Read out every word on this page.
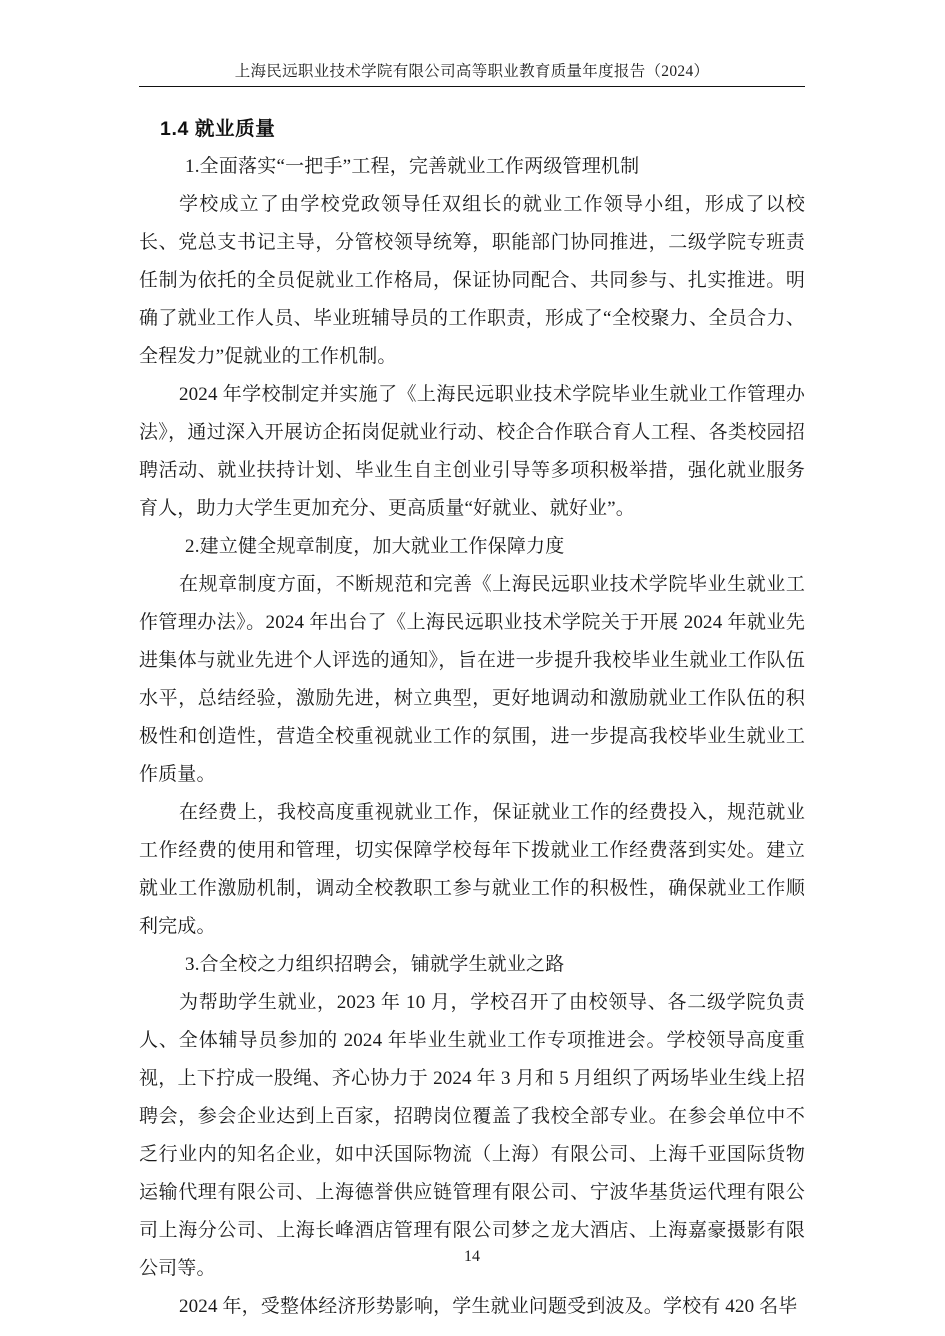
上海民远职业技术学院有限公司高等职业教育质量年度报告（2024）
1.4 就业质量

1.全面落实“一把手”工程，完善就业工作两级管理机制

学校成立了由学校党政领导任双组长的就业工作领导小组，形成了以校长、党总支书记主导，分管校领导统筹，职能部门协同推进，二级学院专班责任制为依托的全员促就业工作格局，保证协同配合、共同参与、扎实推进。明确了就业工作人员、毕业班辅导员的工作职责，形成了“全校聚力、全员合力、全程发力”促就业的工作机制。

2024 年学校制定并实施了《上海民远职业技术学院毕业生就业工作管理办法》，通过深入开展访企拓岗促就业行动、校企合作联合育人工程、各类校园招聘活动、就业扶持计划、毕业生自主创业引导等多项积极举措，强化就业服务育人，助力大学生更加充分、更高质量“好就业、就好业”。

2.建立健全规章制度，加大就业工作保障力度

在规章制度方面，不断规范和完善《上海民远职业技术学院毕业生就业工作管理办法》。2024 年出台了《上海民远职业技术学院关于开展 2024 年就业先进集体与就业先进个人评选的通知》，旨在进一步提升我校毕业生就业工作队伍水平，总结经验，激励先进，树立典型，更好地调动和激励就业工作队伍的积极性和创造性，营造全校重视就业工作的氛围，进一步提高我校毕业生就业工作质量。

在经费上，我校高度重视就业工作，保证就业工作的经费投入，规范就业工作经费的使用和管理，切实保障学校每年下拨就业工作经费落到实处。建立就业工作激励机制，调动全校教职工参与就业工作的积极性，确保就业工作顺利完成。

3.合全校之力组织招聘会，铺就学生就业之路

为帮助学生就业，2023 年 10 月，学校召开了由校领导、各二级学院负责人、全体辅导员参加的 2024 年毕业生就业工作专项推进会。学校领导高度重视，上下拧成一股绳、齐心协力于 2024 年 3 月和 5 月组织了两场毕业生线上招聘会，参会企业达到上百家，招聘岗位覆盖了我校全部专业。在参会单位中不乏行业内的知名企业，如中沃国际物流（上海）有限公司、上海千亚国际货物运输代理有限公司、上海德誉供应链管理有限公司、宁波华基货运代理有限公司上海分公司、上海长峰酒店管理有限公司梦之龙大酒店、上海嘉豪摄影有限公司等。

2024 年，受整体经济形势影响，学生就业问题受到波及。学校有 420 名毕

14
